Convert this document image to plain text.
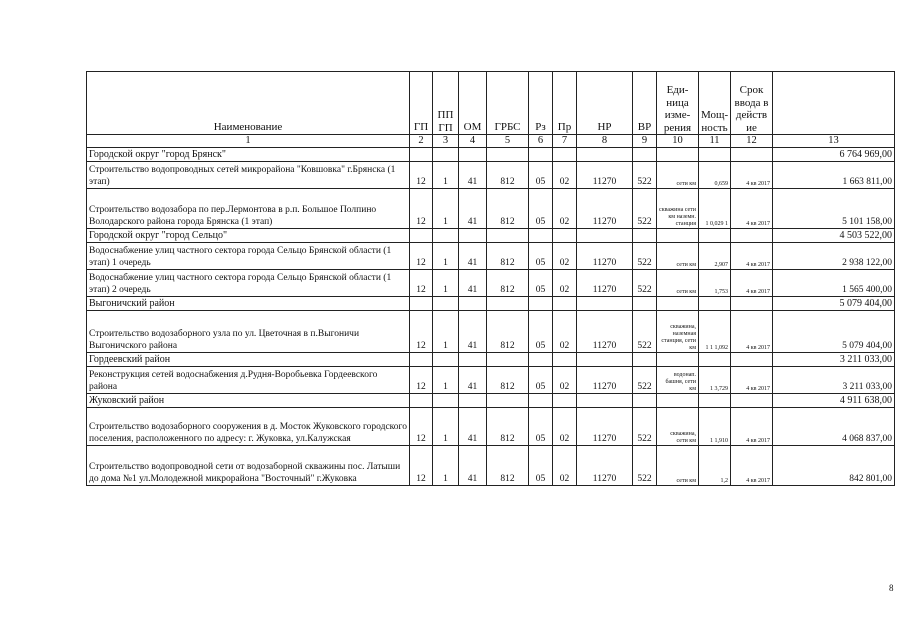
Наименование	ГП	ПП ГП	ОМ	ГРБС	Рз	Пр	НР	ВР	Еди-ница изме-рения	Мощ-ность	Срок ввода в действ ие	
1	2	3	4	5	6	7	8	9	10	11	12	13
Городской округ "город Брянск"												6 764 969,00
Строительство водопроводных сетей микрорайона "Ковшовка" г.Брянска (1 этап)	12	1	41	812	05	02	11270	522	сети км	0,659	4 кв 2017	1 663 811,00
Строительство водозабора по пер.Лермонтова в р.п. Большое Полпино Володарского района города Брянска (1 этап)	12	1	41	812	05	02	11270	522	скважина сети км наземн. станция	1 0,029 1	4 кв 2017	5 101 158,00
Городской округ "город Сельцо"												4 503 522,00
Водоснабжение улиц частного сектора города Сельцо Брянской области (1 этап) 1 очередь	12	1	41	812	05	02	11270	522	сети км	2,907	4 кв 2017	2 938 122,00
Водоснабжение улиц частного сектора города Сельцо Брянской области (1 этап) 2 очередь	12	1	41	812	05	02	11270	522	сети км	1,753	4 кв 2017	1 565 400,00
Выгоничский район												5 079 404,00
Строительство водозаборного узла по ул. Цветочная в п.Выгоничи Выгоничского района	12	1	41	812	05	02	11270	522	скважина, наземная станция, сети км	1 1 1,092	4 кв 2017	5 079 404,00
Гордеевский район												3 211 033,00
Реконструкция сетей водоснабжения д.Рудня-Воробьевка Гордеевского района	12	1	41	812	05	02	11270	522	водонап. башня, сети км	1 3,729	4 кв 2017	3 211 033,00
Жуковский район												4 911 638,00
Строительство водозаборного сооружения в д. Мосток Жуковского городского поселения, расположенного по адресу: г. Жуковка, ул.Калужская	12	1	41	812	05	02	11270	522	скважина, сети км	1 1,910	4 кв 2017	4 068 837,00
Строительство водопроводной сети от водозаборной скважины пос. Латыши до дома №1 ул.Молодежной микрорайона "Восточный" г.Жуковка	12	1	41	812	05	02	11270	522	сети км	1,2	4 кв 2017	842 801,00
8
